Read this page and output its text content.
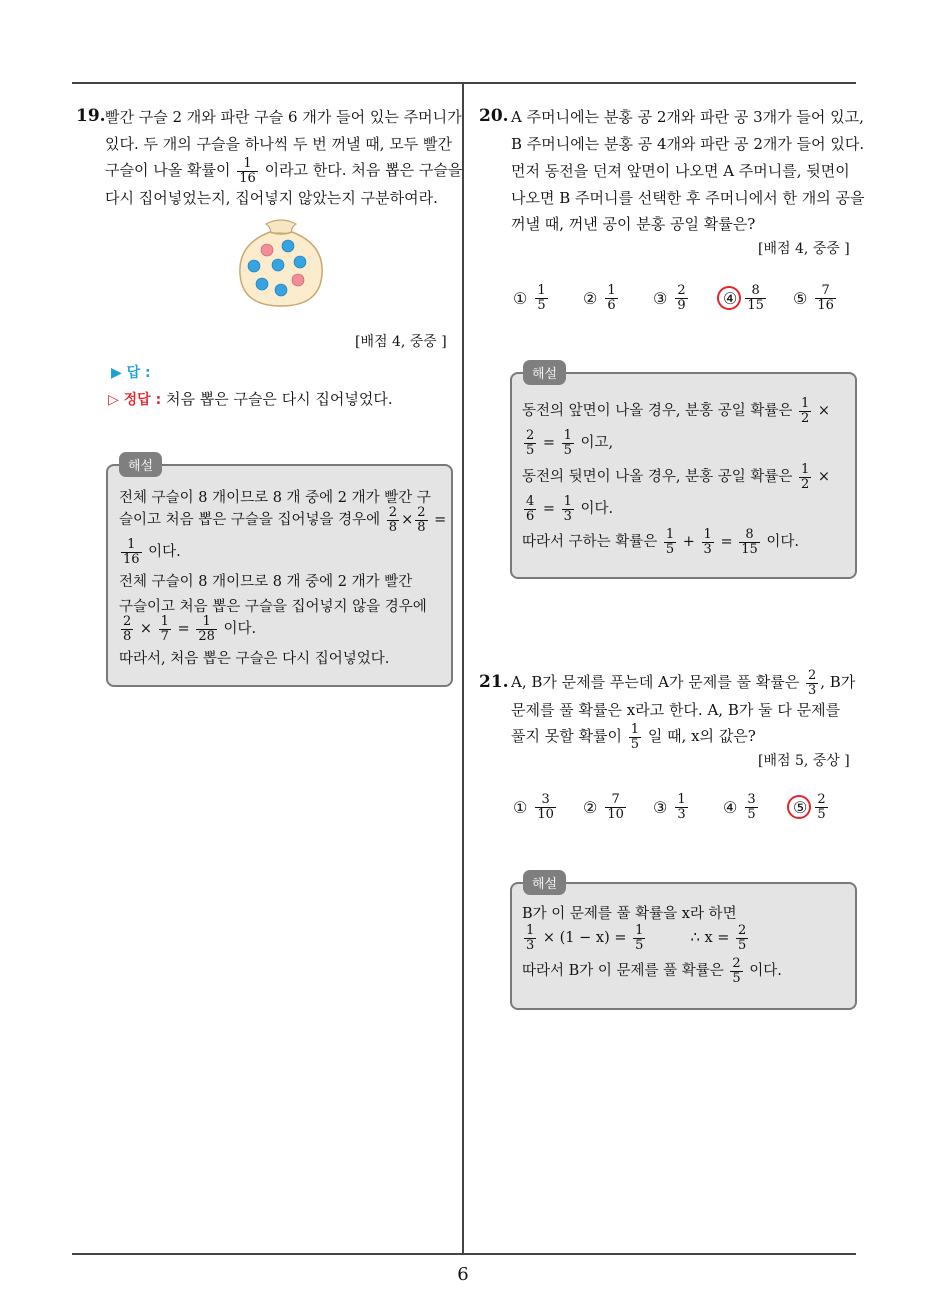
19. 빨간 구슬 2 개와 파란 구슬 6 개가 들어 있는 주머니가
있다. 두 개의 구슬을 하나씩 두 번 꺼낼 때, 모두 빨간
구슬이 나올 확률이 $\frac{1}{16}$ 이라고 한다. 처음 뽑은 구슬을
다시 집어넣었는지, 집어넣지 않았는지 구분하여라.
[배점 4, 중중 ]
▶ 답 :
▷ 정답 : 처음 뽑은 구슬은 다시 집어넣었다.
해설
전체 구슬이 8 개이므로 8 개 중에 2 개가 빨간 구
슬이고 처음 뽑은 구슬을 집어넣을 경우에 $\frac{2}{8} \times \frac{2}{8}$ =
$\frac{1}{16}$ 이다.
전체 구슬이 8 개이므로 8 개 중에 2 개가 빨간
구슬이고 처음 뽑은 구슬을 집어넣지 않을 경우에
$\frac{2}{8} \times \frac{1}{7} = \frac{1}{28}$ 이다.
따라서, 처음 뽑은 구슬은 다시 집어넣었다.
20. A 주머니에는 분홍 공 2개와 파란 공 3개가 들어 있고,
B 주머니에는 분홍 공 4개와 파란 공 2개가 들어 있다.
먼저 동전을 던져 앞면이 나오면 A 주머니를, 뒷면이
나오면 B 주머니를 선택한 후 주머니에서 한 개의 공을
꺼낼 때, 꺼낸 공이 분홍 공일 확률은?
[배점 4, 중중 ]
① $\frac{1}{5}$ ② $\frac{1}{6}$ ③ $\frac{2}{9}$ ④ $\frac{8}{15}$ ⑤ $\frac{7}{16}$
해설
동전의 앞면이 나올 경우, 분홍 공일 확률은 $\frac{1}{2}$ ×
$\frac{2}{5} = \frac{1}{5}$ 이고,
동전의 뒷면이 나올 경우, 분홍 공일 확률은 $\frac{1}{2}$ ×
$\frac{4}{6} = \frac{1}{3}$ 이다.
따라서 구하는 확률은 $\frac{1}{5} + \frac{1}{3} = \frac{8}{15}$ 이다.
21. A, B가 문제를 푸는데 A가 문제를 풀 확률은 $\frac{2}{3}$ , B가
문제를 풀 확률은 x라고 한다. A, B가 둘 다 문제를
풀지 못할 확률이 $\frac{1}{5}$ 일 때, x의 값은?
[배점 5, 중상 ]
① $\frac{3}{10}$ ② $\frac{7}{10}$ ③ $\frac{1}{3}$ ④ $\frac{3}{5}$ ⑤ $\frac{2}{5}$
해설
B가 이 문제를 풀 확률을 x라 하면
$\frac{1}{3} \times (1 - x) = \frac{1}{5}$	∴ $x = \frac{2}{5}$
따라서 B가 이 문제를 풀 확률은 $\frac{2}{5}$ 이다.
6
